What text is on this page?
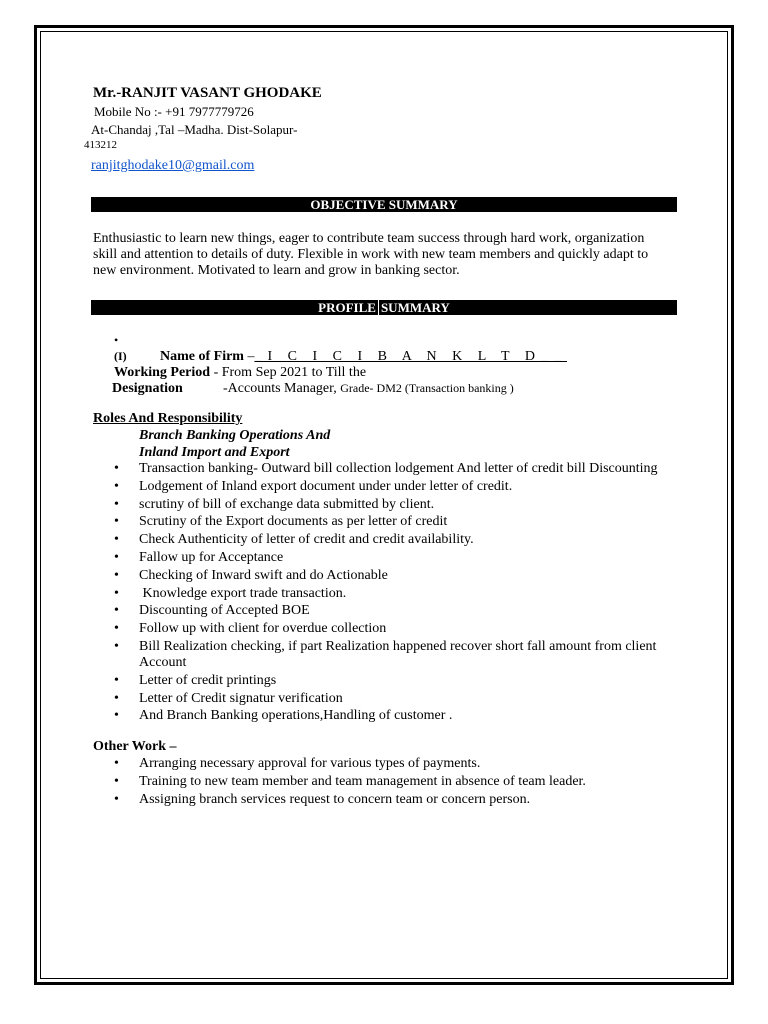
Mr.-RANJIT VASANT GHODAKE
Mobile No :- +91 7977779726
At-Chandaj ,Tal –Madha. Dist-Solapur-
413212
ranjitghodake10@gmail.com
OBJECTIVE SUMMARY
Enthusiastic to learn new things, eager to contribute team success through hard work, organization skill and attention to details of duty. Flexible in work with new team members and quickly adapt to new environment. Motivated to learn and grow in banking sector.
PROFILE SUMMARY
•
(I) Name of Firm –_I C I C I B A N K L T D__
Working Period - From Sep 2021 to Till the
Designation	-Accounts Manager, Grade- DM2 (Transaction banking )
Roles And Responsibility
Branch Banking Operations And
Inland Import and Export
• Transaction banking- Outward bill collection lodgement And letter of credit bill Discounting
• Lodgement of Inland export document under under letter of credit.
• scrutiny of bill of exchange data submitted by client.
• Scrutiny of the Export documents as per letter of credit
• Check Authenticity of letter of credit and credit availability.
• Fallow up for Acceptance
• Checking of Inward swift and do Actionable
• Knowledge export trade transaction.
• Discounting of Accepted BOE
• Follow up with client for overdue collection
• Bill Realization checking, if part Realization happened recover short fall amount from client Account
• Letter of credit printings
• Letter of Credit signatur verification
• And Branch Banking operations,Handling of customer .
Other Work –
• Arranging necessary approval for various types of payments.
• Training to new team member and team management in absence of team leader.
• Assigning branch services request to concern team or concern person.
